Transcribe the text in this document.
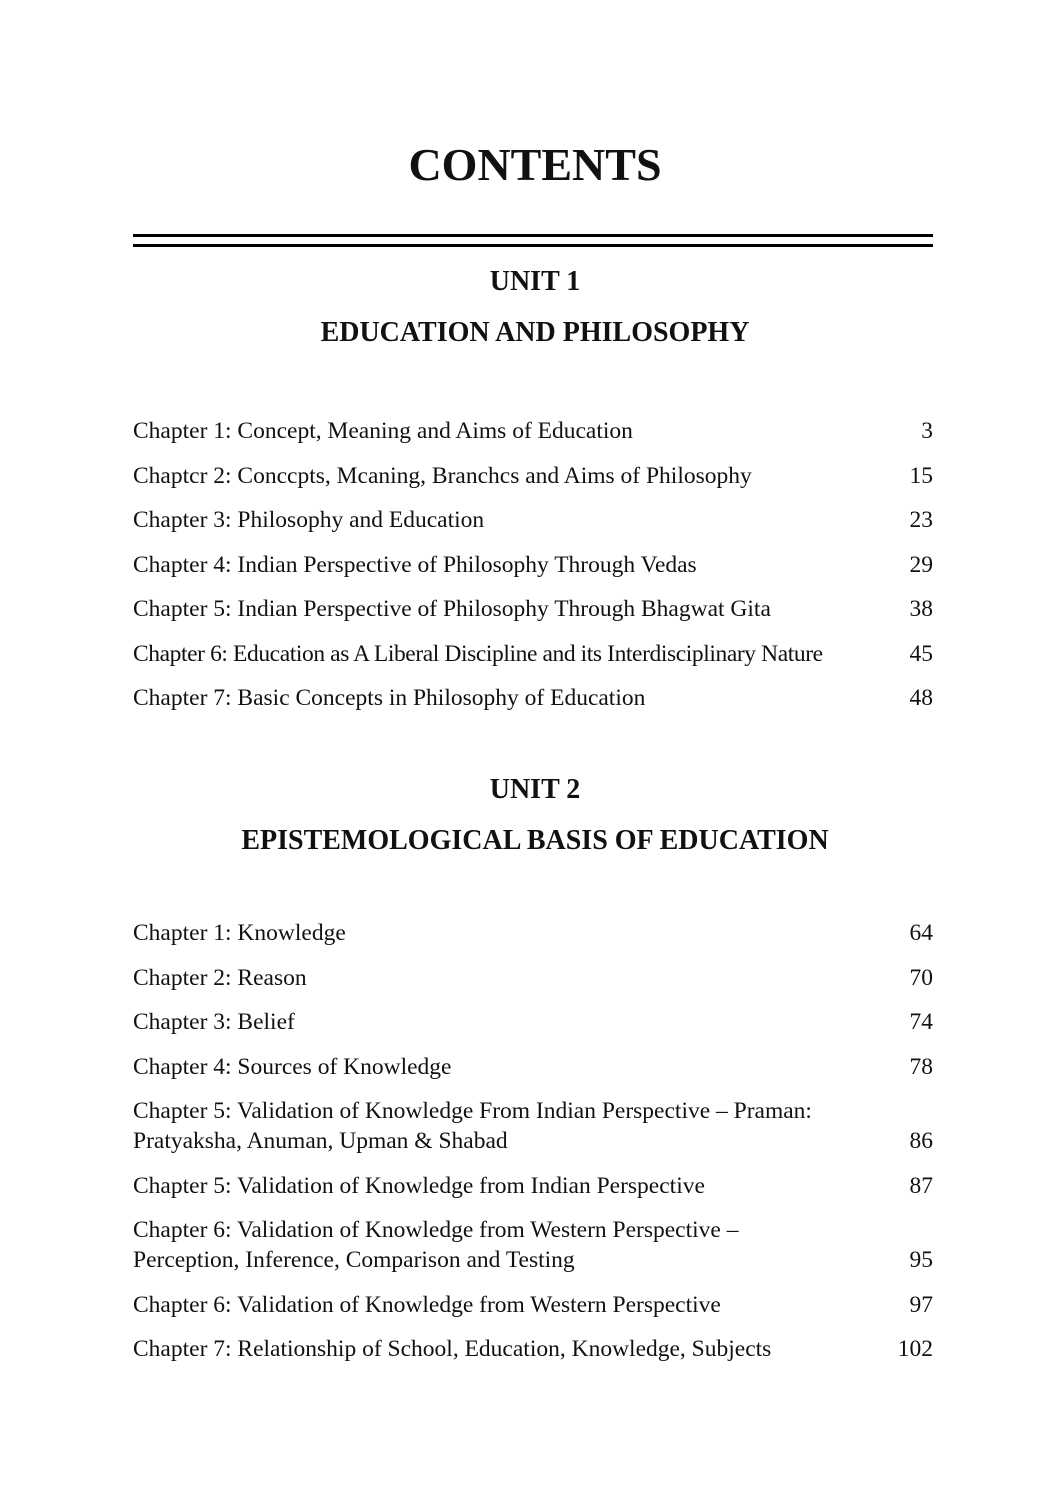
CONTENTS
UNIT 1
EDUCATION AND PHILOSOPHY
Chapter 1: Concept, Meaning and Aims of Education	3
Chaptcr 2: Conccpts, Mcaning, Branchcs and Aims of Philosophy	15
Chapter 3: Philosophy and Education	23
Chapter 4: Indian Perspective of Philosophy Through Vedas	29
Chapter 5: Indian Perspective of Philosophy Through Bhagwat Gita	38
Chapter 6: Education as A Liberal Discipline and its Interdisciplinary Nature	45
Chapter 7: Basic Concepts in Philosophy of Education	48
UNIT 2
EPISTEMOLOGICAL BASIS OF EDUCATION
Chapter 1: Knowledge	64
Chapter 2: Reason	70
Chapter 3: Belief	74
Chapter 4: Sources of Knowledge	78
Chapter 5: Validation of Knowledge From Indian Perspective – Praman:
Pratyaksha, Anuman, Upman & Shabad	86
Chapter 5: Validation of Knowledge from Indian Perspective	87
Chapter 6: Validation of Knowledge from Western Perspective –
Perception, Inference, Comparison and Testing	95
Chapter 6: Validation of Knowledge from Western Perspective	97
Chapter 7: Relationship of School, Education, Knowledge, Subjects	102
